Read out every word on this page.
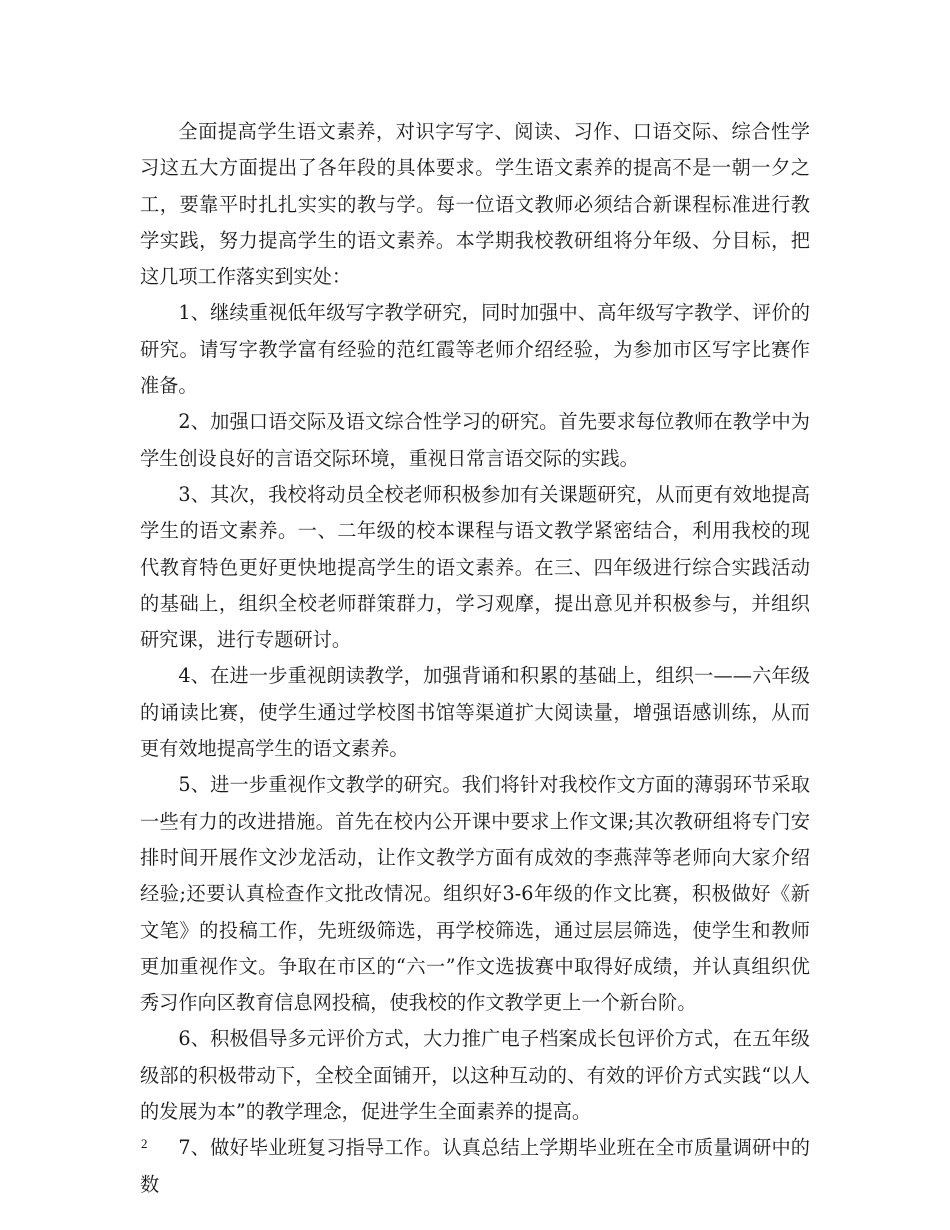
全面提高学生语文素养，对识字写字、阅读、习作、口语交际、综合性学习这五大方面提出了各年段的具体要求。学生语文素养的提高不是一朝一夕之工，要靠平时扎扎实实的教与学。每一位语文教师必须结合新课程标准进行教学实践，努力提高学生的语文素养。本学期我校教研组将分年级、分目标，把这几项工作落实到实处：

1、继续重视低年级写字教学研究，同时加强中、高年级写字教学、评价的研究。请写字教学富有经验的范红霞等老师介绍经验，为参加市区写字比赛作准备。

2、加强口语交际及语文综合性学习的研究。首先要求每位教师在教学中为学生创设良好的言语交际环境，重视日常言语交际的实践。

3、其次，我校将动员全校老师积极参加有关课题研究，从而更有效地提高学生的语文素养。一、二年级的校本课程与语文教学紧密结合，利用我校的现代教育特色更好更快地提高学生的语文素养。在三、四年级进行综合实践活动的基础上，组织全校老师群策群力，学习观摩，提出意见并积极参与，并组织研究课，进行专题研讨。

4、在进一步重视朗读教学，加强背诵和积累的基础上，组织一——六年级的诵读比赛，使学生通过学校图书馆等渠道扩大阅读量，增强语感训练，从而更有效地提高学生的语文素养。

5、进一步重视作文教学的研究。我们将针对我校作文方面的薄弱环节采取一些有力的改进措施。首先在校内公开课中要求上作文课;其次教研组将专门安排时间开展作文沙龙活动，让作文教学方面有成效的李燕萍等老师向大家介绍经验;还要认真检查作文批改情况。组织好3-6年级的作文比赛，积极做好《新文笔》的投稿工作，先班级筛选，再学校筛选，通过层层筛选，使学生和教师更加重视作文。争取在市区的“六一”作文选拔赛中取得好成绩，并认真组织优秀习作向区教育信息网投稿，使我校的作文教学更上一个新台阶。

6、积极倡导多元评价方式，大力推广电子档案成长包评价方式，在五年级级部的积极带动下，全校全面铺开，以这种互动的、有效的评价方式实践“以人的发展为本”的教学理念，促进学生全面素养的提高。

7、做好毕业班复习指导工作。认真总结上学期毕业班在全市质量调研中的数

2
